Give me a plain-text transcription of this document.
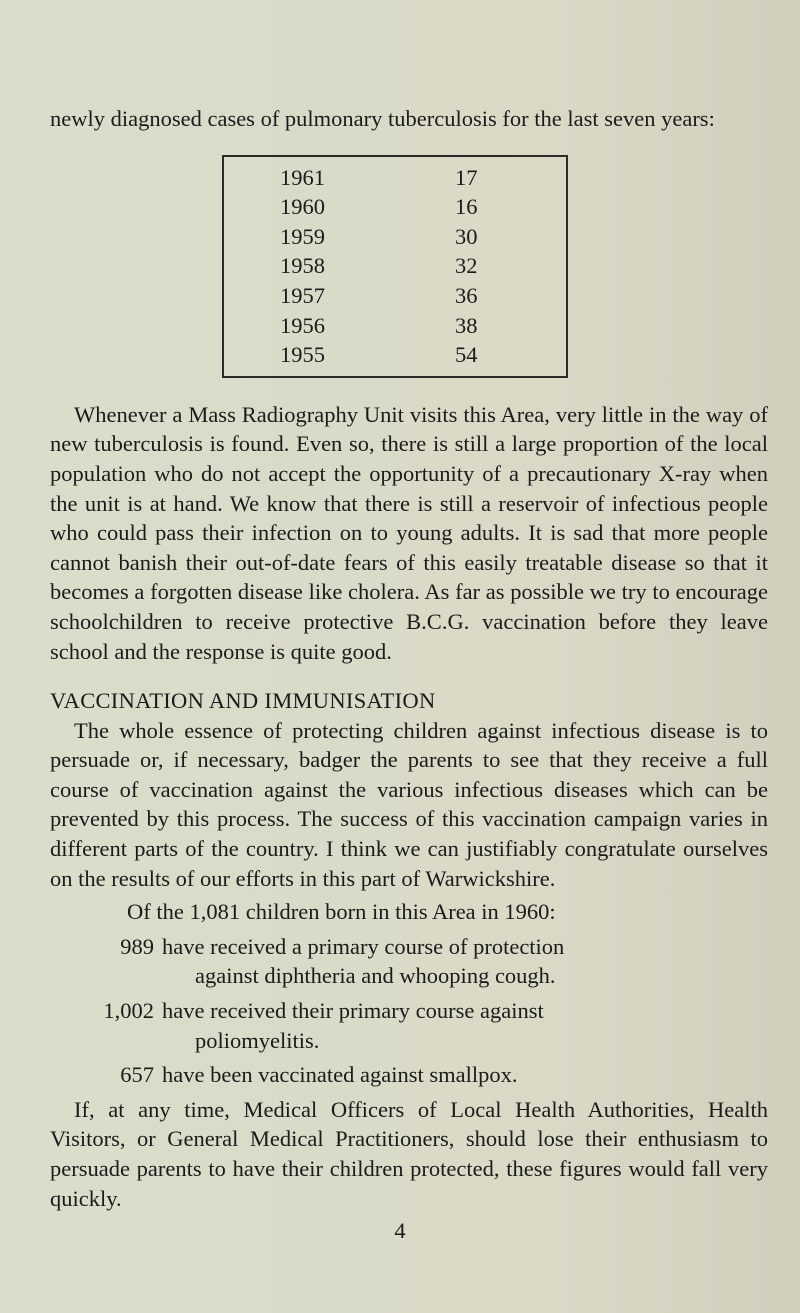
newly diagnosed cases of pulmonary tuberculosis for the last seven years:

1961	17
1960	16
1959	30
1958	32
1957	36
1956	38
1955	54

Whenever a Mass Radiography Unit visits this Area, very little in the way of new tuberculosis is found. Even so, there is still a large proportion of the local population who do not accept the opportunity of a precautionary X-ray when the unit is at hand. We know that there is still a reservoir of infectious people who could pass their infection on to young adults. It is sad that more people cannot banish their out-of-date fears of this easily treatable disease so that it becomes a forgotten disease like cholera. As far as possible we try to encourage schoolchildren to receive protective B.C.G. vaccination before they leave school and the response is quite good.

VACCINATION AND IMMUNISATION

The whole essence of protecting children against infectious disease is to persuade or, if necessary, badger the parents to see that they receive a full course of vaccination against the various infectious diseases which can be prevented by this process. The success of this vaccination campaign varies in different parts of the country. I think we can justifiably congratulate ourselves on the results of our efforts in this part of Warwickshire.

Of the 1,081 children born in this Area in 1960:

989 have received a primary course of protection
against diphtheria and whooping cough.
1,002 have received their primary course against
poliomyelitis.
657 have been vaccinated against smallpox.

If, at any time, Medical Officers of Local Health Authorities, Health Visitors, or General Medical Practitioners, should lose their enthusiasm to persuade parents to have their children protected, these figures would fall very quickly.

4
